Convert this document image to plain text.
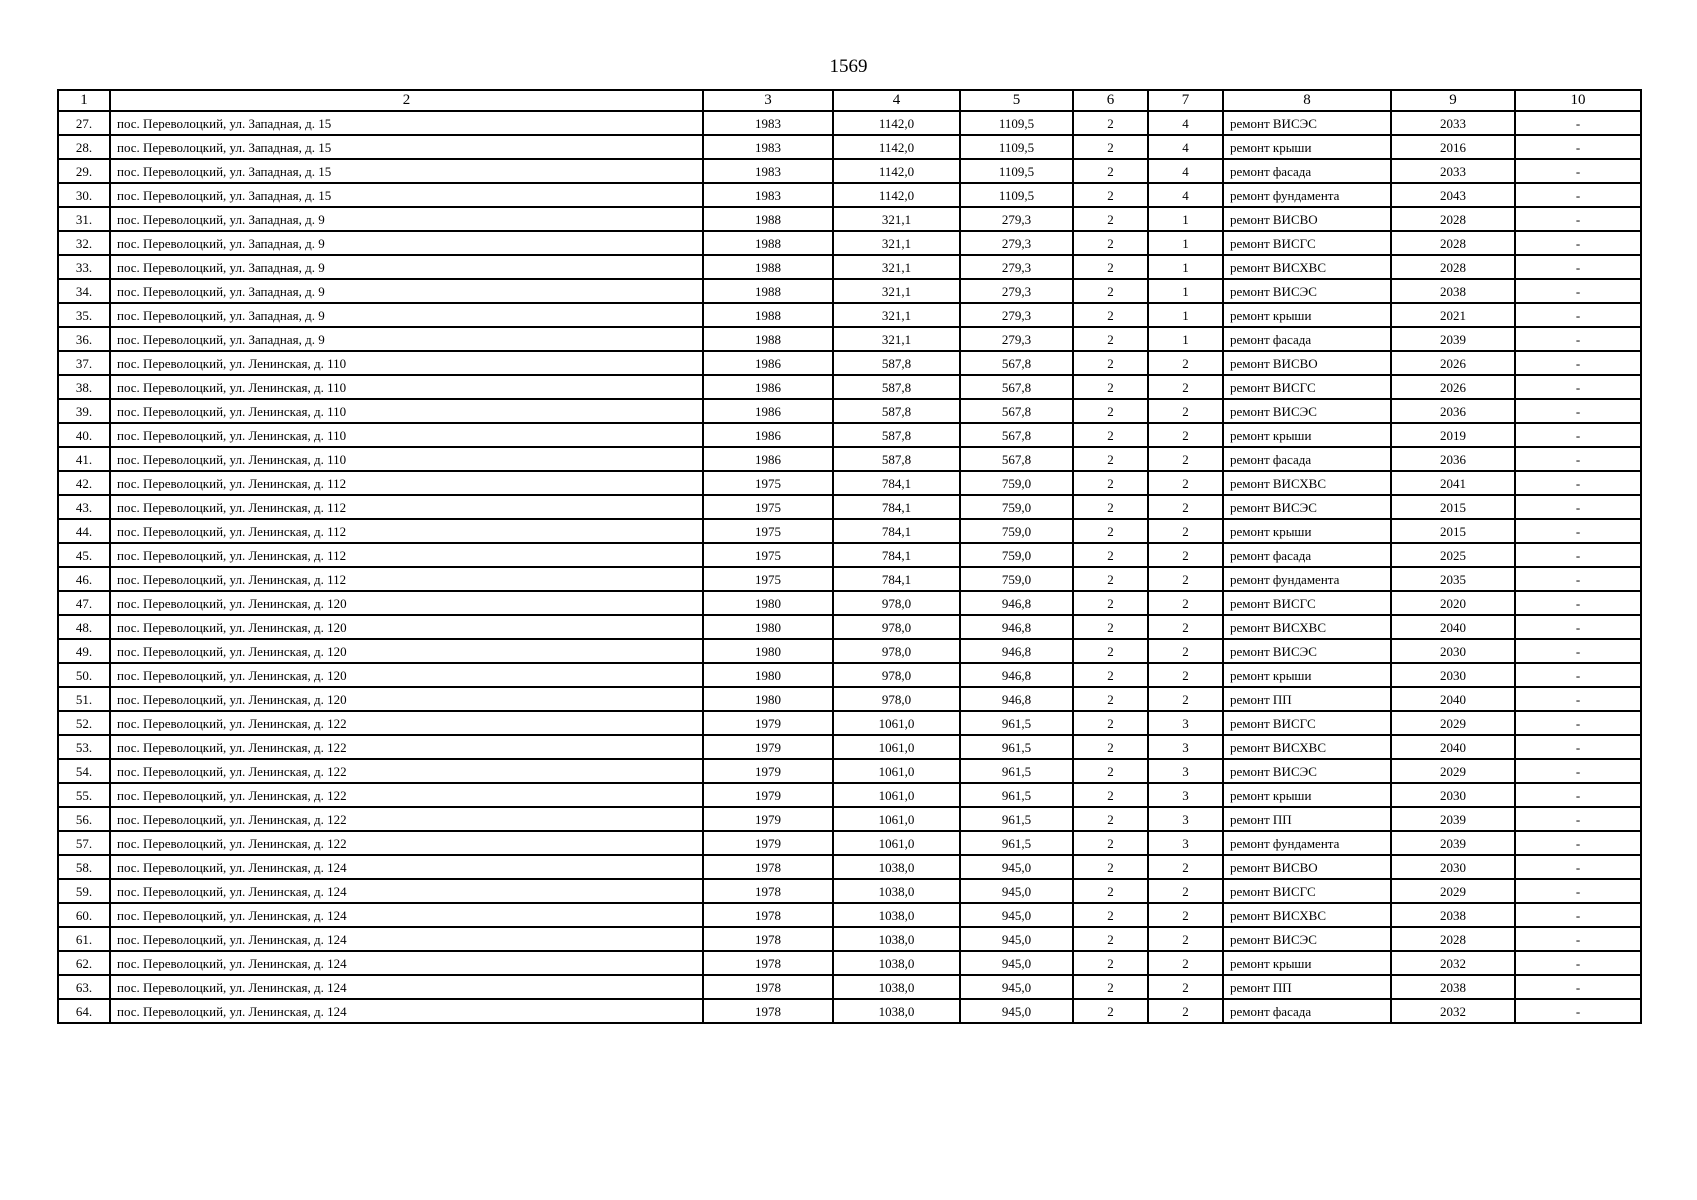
1569
1	2	3	4	5	6	7	8	9	10
27.	пос. Переволоцкий, ул. Западная, д. 15	1983	1142,0	1109,5	2	4	ремонт ВИСЭС	2033	-
28.	пос. Переволоцкий, ул. Западная, д. 15	1983	1142,0	1109,5	2	4	ремонт крыши	2016	-
29.	пос. Переволоцкий, ул. Западная, д. 15	1983	1142,0	1109,5	2	4	ремонт фасада	2033	-
30.	пос. Переволоцкий, ул. Западная, д. 15	1983	1142,0	1109,5	2	4	ремонт фундамента	2043	-
31.	пос. Переволоцкий, ул. Западная, д. 9	1988	321,1	279,3	2	1	ремонт ВИСВО	2028	-
32.	пос. Переволоцкий, ул. Западная, д. 9	1988	321,1	279,3	2	1	ремонт ВИСГС	2028	-
33.	пос. Переволоцкий, ул. Западная, д. 9	1988	321,1	279,3	2	1	ремонт ВИСХВС	2028	-
34.	пос. Переволоцкий, ул. Западная, д. 9	1988	321,1	279,3	2	1	ремонт ВИСЭС	2038	-
35.	пос. Переволоцкий, ул. Западная, д. 9	1988	321,1	279,3	2	1	ремонт крыши	2021	-
36.	пос. Переволоцкий, ул. Западная, д. 9	1988	321,1	279,3	2	1	ремонт фасада	2039	-
37.	пос. Переволоцкий, ул. Ленинская, д. 110	1986	587,8	567,8	2	2	ремонт ВИСВО	2026	-
38.	пос. Переволоцкий, ул. Ленинская, д. 110	1986	587,8	567,8	2	2	ремонт ВИСГС	2026	-
39.	пос. Переволоцкий, ул. Ленинская, д. 110	1986	587,8	567,8	2	2	ремонт ВИСЭС	2036	-
40.	пос. Переволоцкий, ул. Ленинская, д. 110	1986	587,8	567,8	2	2	ремонт крыши	2019	-
41.	пос. Переволоцкий, ул. Ленинская, д. 110	1986	587,8	567,8	2	2	ремонт фасада	2036	-
42.	пос. Переволоцкий, ул. Ленинская, д. 112	1975	784,1	759,0	2	2	ремонт ВИСХВС	2041	-
43.	пос. Переволоцкий, ул. Ленинская, д. 112	1975	784,1	759,0	2	2	ремонт ВИСЭС	2015	-
44.	пос. Переволоцкий, ул. Ленинская, д. 112	1975	784,1	759,0	2	2	ремонт крыши	2015	-
45.	пос. Переволоцкий, ул. Ленинская, д. 112	1975	784,1	759,0	2	2	ремонт фасада	2025	-
46.	пос. Переволоцкий, ул. Ленинская, д. 112	1975	784,1	759,0	2	2	ремонт фундамента	2035	-
47.	пос. Переволоцкий, ул. Ленинская, д. 120	1980	978,0	946,8	2	2	ремонт ВИСГС	2020	-
48.	пос. Переволоцкий, ул. Ленинская, д. 120	1980	978,0	946,8	2	2	ремонт ВИСХВС	2040	-
49.	пос. Переволоцкий, ул. Ленинская, д. 120	1980	978,0	946,8	2	2	ремонт ВИСЭС	2030	-
50.	пос. Переволоцкий, ул. Ленинская, д. 120	1980	978,0	946,8	2	2	ремонт крыши	2030	-
51.	пос. Переволоцкий, ул. Ленинская, д. 120	1980	978,0	946,8	2	2	ремонт ПП	2040	-
52.	пос. Переволоцкий, ул. Ленинская, д. 122	1979	1061,0	961,5	2	3	ремонт ВИСГС	2029	-
53.	пос. Переволоцкий, ул. Ленинская, д. 122	1979	1061,0	961,5	2	3	ремонт ВИСХВС	2040	-
54.	пос. Переволоцкий, ул. Ленинская, д. 122	1979	1061,0	961,5	2	3	ремонт ВИСЭС	2029	-
55.	пос. Переволоцкий, ул. Ленинская, д. 122	1979	1061,0	961,5	2	3	ремонт крыши	2030	-
56.	пос. Переволоцкий, ул. Ленинская, д. 122	1979	1061,0	961,5	2	3	ремонт ПП	2039	-
57.	пос. Переволоцкий, ул. Ленинская, д. 122	1979	1061,0	961,5	2	3	ремонт фундамента	2039	-
58.	пос. Переволоцкий, ул. Ленинская, д. 124	1978	1038,0	945,0	2	2	ремонт ВИСВО	2030	-
59.	пос. Переволоцкий, ул. Ленинская, д. 124	1978	1038,0	945,0	2	2	ремонт ВИСГС	2029	-
60.	пос. Переволоцкий, ул. Ленинская, д. 124	1978	1038,0	945,0	2	2	ремонт ВИСХВС	2038	-
61.	пос. Переволоцкий, ул. Ленинская, д. 124	1978	1038,0	945,0	2	2	ремонт ВИСЭС	2028	-
62.	пос. Переволоцкий, ул. Ленинская, д. 124	1978	1038,0	945,0	2	2	ремонт крыши	2032	-
63.	пос. Переволоцкий, ул. Ленинская, д. 124	1978	1038,0	945,0	2	2	ремонт ПП	2038	-
64.	пос. Переволоцкий, ул. Ленинская, д. 124	1978	1038,0	945,0	2	2	ремонт фасада	2032	-
